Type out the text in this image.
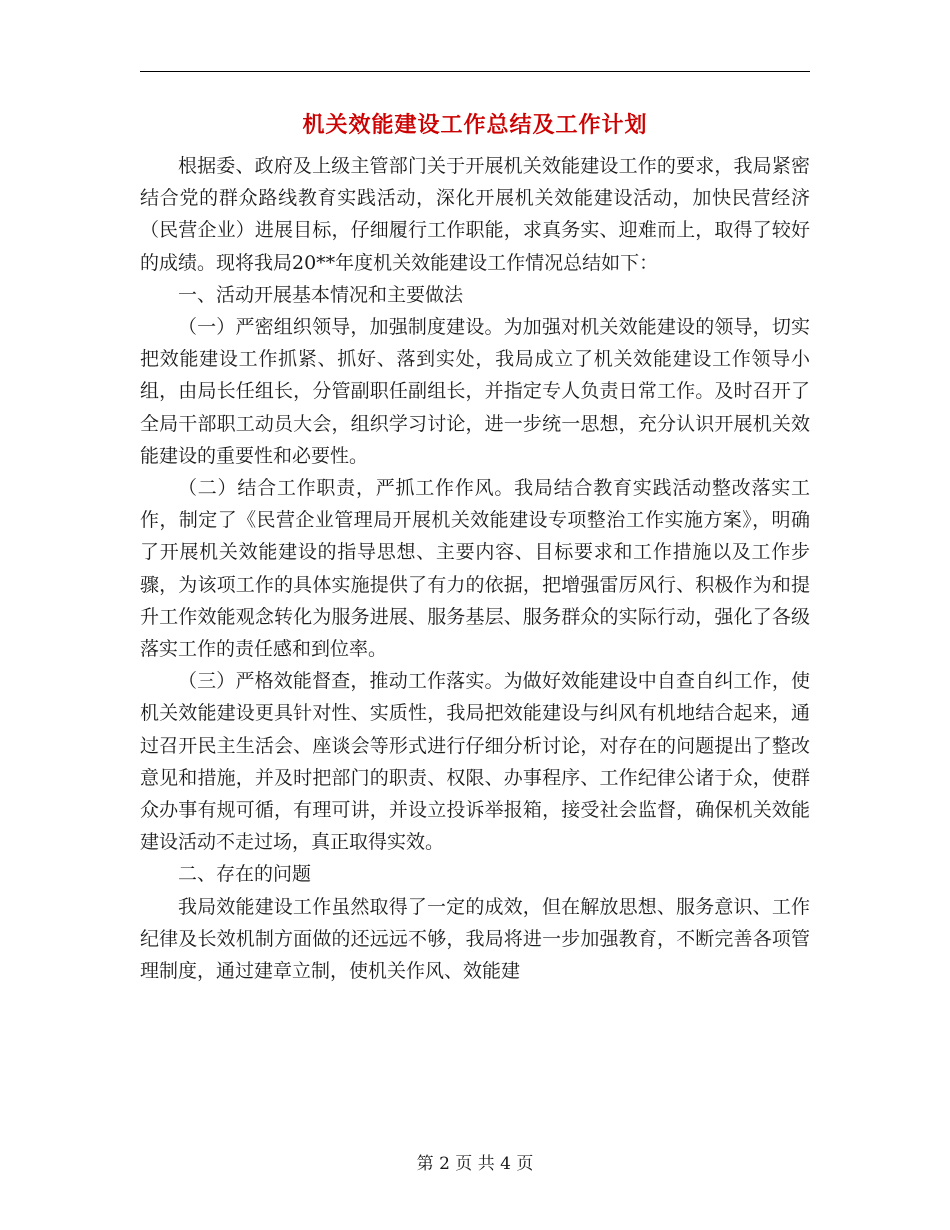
机关效能建设工作总结及工作计划

根据委、政府及上级主管部门关于开展机关效能建设工作的要求，我局紧密结合党的群众路线教育实践活动，深化开展机关效能建设活动，加快民营经济（民营企业）进展目标，仔细履行工作职能，求真务实、迎难而上，取得了较好的成绩。现将我局20**年度机关效能建设工作情况总结如下：

一、活动开展基本情况和主要做法

（一）严密组织领导，加强制度建设。为加强对机关效能建设的领导，切实把效能建设工作抓紧、抓好、落到实处，我局成立了机关效能建设工作领导小组，由局长任组长，分管副职任副组长，并指定专人负责日常工作。及时召开了全局干部职工动员大会，组织学习讨论，进一步统一思想，充分认识开展机关效能建设的重要性和必要性。

（二）结合工作职责，严抓工作作风。我局结合教育实践活动整改落实工作，制定了《民营企业管理局开展机关效能建设专项整治工作实施方案》，明确了开展机关效能建设的指导思想、主要内容、目标要求和工作措施以及工作步骤，为该项工作的具体实施提供了有力的依据，把增强雷厉风行、积极作为和提升工作效能观念转化为服务进展、服务基层、服务群众的实际行动，强化了各级落实工作的责任感和到位率。

（三）严格效能督查，推动工作落实。为做好效能建设中自查自纠工作，使机关效能建设更具针对性、实质性，我局把效能建设与纠风有机地结合起来，通过召开民主生活会、座谈会等形式进行仔细分析讨论，对存在的问题提出了整改意见和措施，并及时把部门的职责、权限、办事程序、工作纪律公诸于众，使群众办事有规可循，有理可讲，并设立投诉举报箱，接受社会监督，确保机关效能建设活动不走过场，真正取得实效。

二、存在的问题

我局效能建设工作虽然取得了一定的成效，但在解放思想、服务意识、工作纪律及长效机制方面做的还远远不够，我局将进一步加强教育，不断完善各项管理制度，通过建章立制，使机关作风、效能建

第 2 页 共 4 页
